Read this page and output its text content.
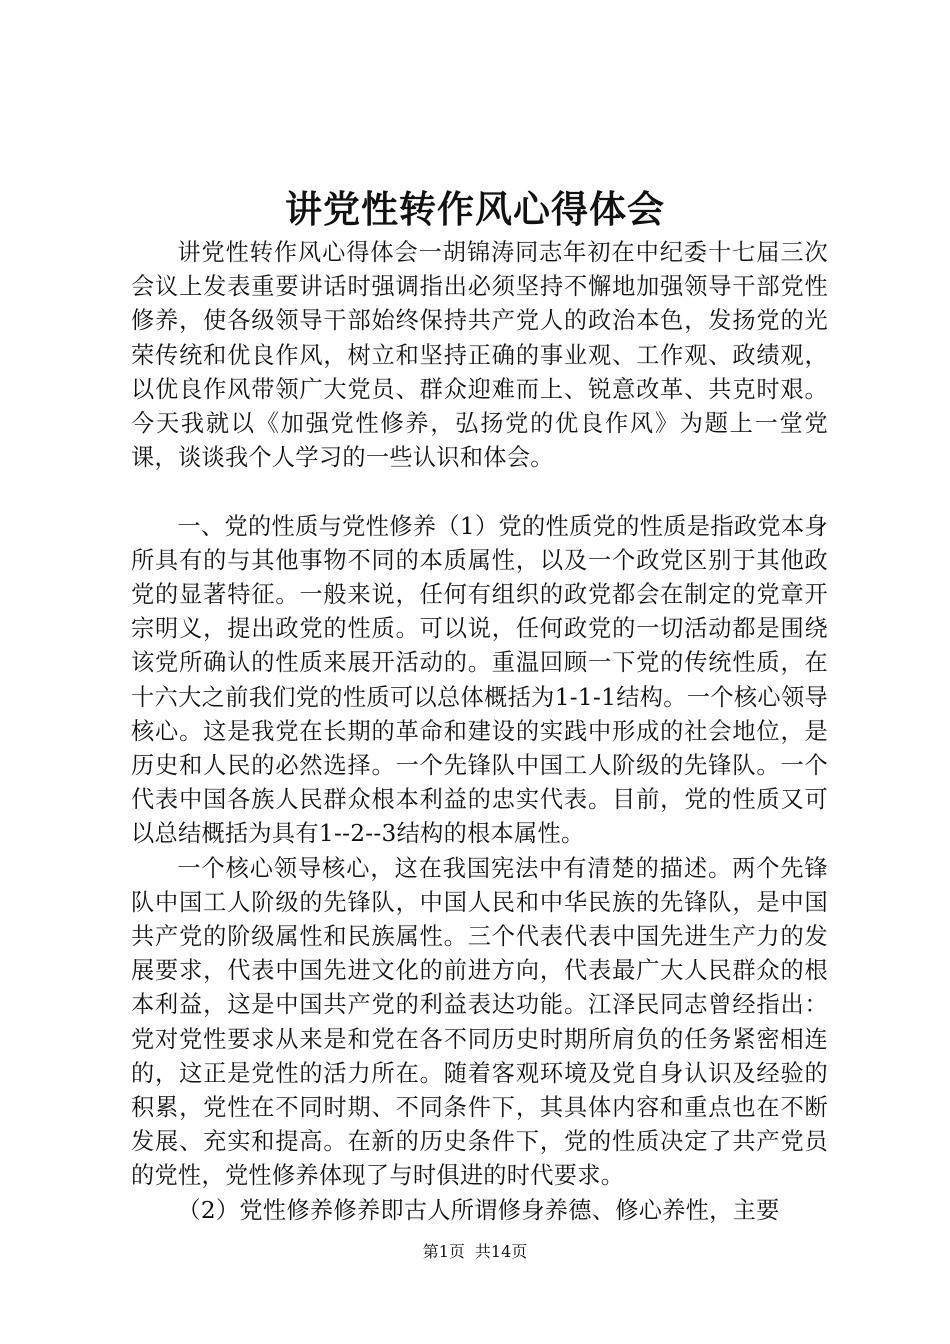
讲党性转作风心得体会

讲党性转作风心得体会一胡锦涛同志年初在中纪委十七届三次会议上发表重要讲话时强调指出必须坚持不懈地加强领导干部党性修养，使各级领导干部始终保持共产党人的政治本色，发扬党的光荣传统和优良作风，树立和坚持正确的事业观、工作观、政绩观，以优良作风带领广大党员、群众迎难而上、锐意改革、共克时艰。今天我就以《加强党性修养，弘扬党的优良作风》为题上一堂党课，谈谈我个人学习的一些认识和体会。

一、党的性质与党性修养（1）党的性质党的性质是指政党本身所具有的与其他事物不同的本质属性，以及一个政党区别于其他政党的显著特征。一般来说，任何有组织的政党都会在制定的党章开宗明义，提出政党的性质。可以说，任何政党的一切活动都是围绕该党所确认的性质来展开活动的。重温回顾一下党的传统性质，在十六大之前我们党的性质可以总体概括为1-1-1结构。一个核心领导核心。这是我党在长期的革命和建设的实践中形成的社会地位，是历史和人民的必然选择。一个先锋队中国工人阶级的先锋队。一个代表中国各族人民群众根本利益的忠实代表。目前，党的性质又可以总结概括为具有1--2--3结构的根本属性。

一个核心领导核心，这在我国宪法中有清楚的描述。两个先锋队中国工人阶级的先锋队，中国人民和中华民族的先锋队，是中国共产党的阶级属性和民族属性。三个代表代表中国先进生产力的发展要求，代表中国先进文化的前进方向，代表最广大人民群众的根本利益，这是中国共产党的利益表达功能。江泽民同志曾经指出：党对党性要求从来是和党在各不同历史时期所肩负的任务紧密相连的，这正是党性的活力所在。随着客观环境及党自身认识及经验的积累，党性在不同时期、不同条件下，其具体内容和重点也在不断发展、充实和提高。在新的历史条件下，党的性质决定了共产党员的党性，党性修养体现了与时俱进的时代要求。

（2）党性修养修养即古人所谓修身养德、修心养性，主要

第1页 共14页
